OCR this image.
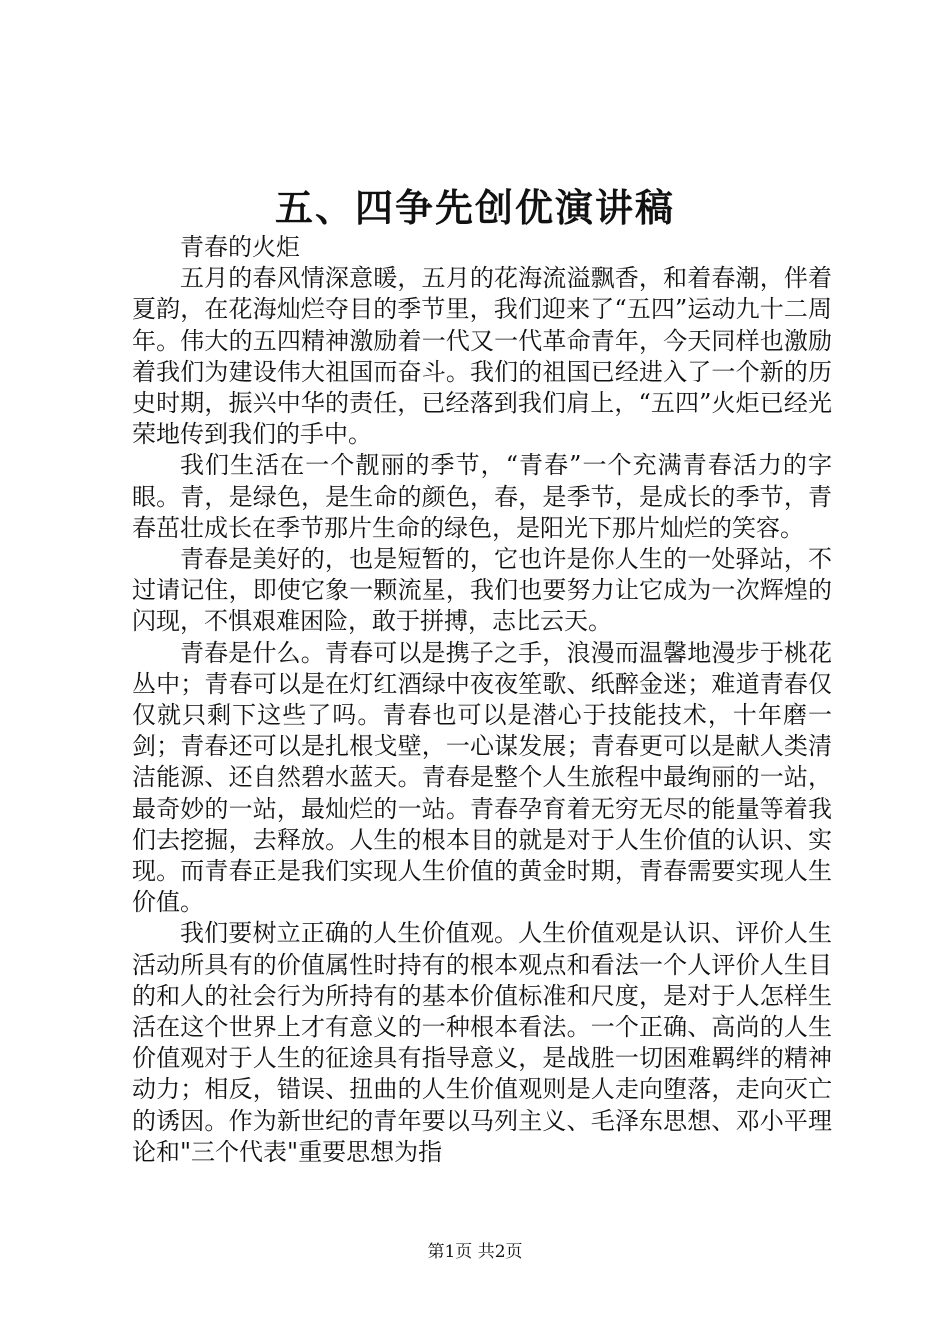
五、四争先创优演讲稿

青春的火炬

五月的春风情深意暖，五月的花海流溢飘香，和着春潮，伴着夏韵，在花海灿烂夺目的季节里，我们迎来了“五四”运动九十二周年。伟大的五四精神激励着一代又一代革命青年，今天同样也激励着我们为建设伟大祖国而奋斗。我们的祖国已经进入了一个新的历史时期，振兴中华的责任，已经落到我们肩上，“五四”火炬已经光荣地传到我们的手中。

我们生活在一个靓丽的季节，“青春”一个充满青春活力的字眼。青，是绿色，是生命的颜色，春，是季节，是成长的季节，青春茁壮成长在季节那片生命的绿色，是阳光下那片灿烂的笑容。

青春是美好的，也是短暂的，它也许是你人生的一处驿站，不过请记住，即使它象一颗流星，我们也要努力让它成为一次辉煌的闪现，不惧艰难困险，敢于拼搏，志比云天。

青春是什么。青春可以是携子之手，浪漫而温馨地漫步于桃花丛中；青春可以是在灯红酒绿中夜夜笙歌、纸醉金迷；难道青春仅仅就只剩下这些了吗。青春也可以是潜心于技能技术，十年磨一剑；青春还可以是扎根戈壁，一心谋发展；青春更可以是献人类清洁能源、还自然碧水蓝天。青春是整个人生旅程中最绚丽的一站，最奇妙的一站，最灿烂的一站。青春孕育着无穷无尽的能量等着我们去挖掘，去释放。人生的根本目的就是对于人生价值的认识、实现。而青春正是我们实现人生价值的黄金时期，青春需要实现人生价值。

我们要树立正确的人生价值观。人生价值观是认识、评价人生活动所具有的价值属性时持有的根本观点和看法一个人评价人生目的和人的社会行为所持有的基本价值标准和尺度，是对于人怎样生活在这个世界上才有意义的一种根本看法。一个正确、高尚的人生价值观对于人生的征途具有指导意义，是战胜一切困难羁绊的精神动力；相反，错误、扭曲的人生价值观则是人走向堕落，走向灭亡的诱因。作为新世纪的青年要以马列主义、毛泽东思想、邓小平理论和"三个代表"重要思想为指

第1页 共2页
